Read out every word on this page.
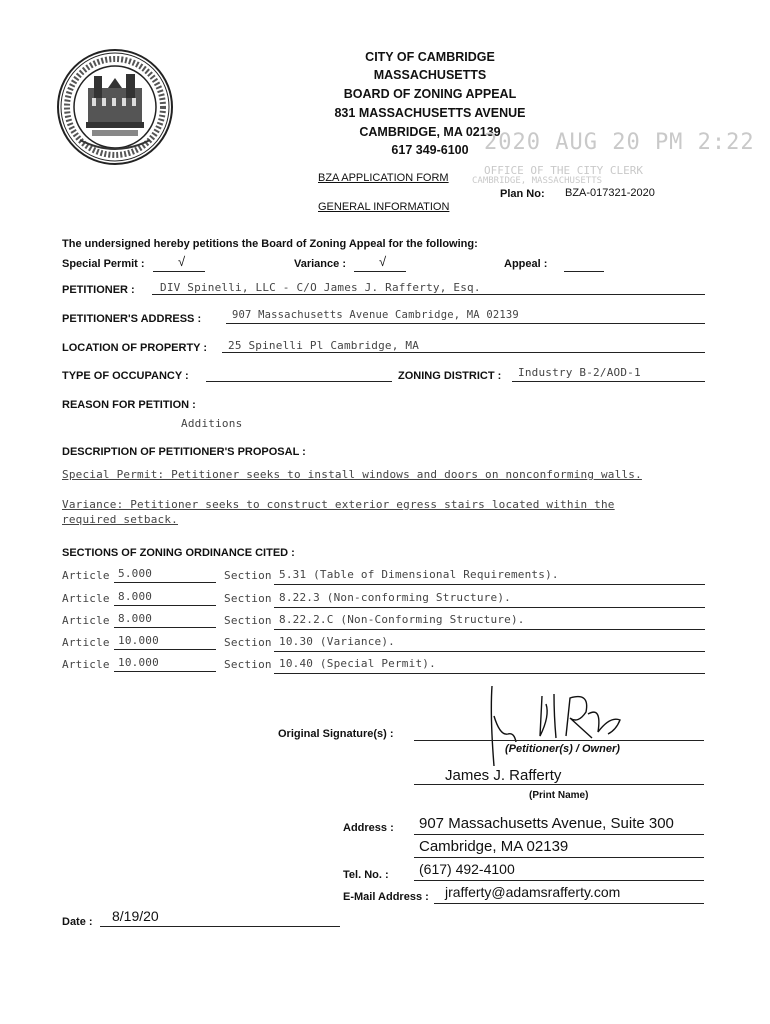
CITY OF CAMBRIDGE
MASSACHUSETTS
BOARD OF ZONING APPEAL
831 MASSACHUSETTS AVENUE
CAMBRIDGE, MA 02139
617 349-6100 2020 AUG 20 PM 2:22
OFFICE OF THE CITY CLERK
CAMBRIDGE, MASSACHUSETTS
BZA APPLICATION FORM
Plan No: BZA-017321-2020
GENERAL INFORMATION
The undersigned hereby petitions the Board of Zoning Appeal for the following:
Special Permit :	√	Variance :	√	Appeal :
PETITIONER : DIV Spinelli, LLC - C/O James J. Rafferty, Esq.
PETITIONER'S ADDRESS :	907 Massachusetts Avenue Cambridge, MA 02139
LOCATION OF PROPERTY : 25 Spinelli Pl Cambridge, MA
TYPE OF OCCUPANCY :	ZONING DISTRICT : Industry B-2/AOD-1
REASON FOR PETITION :
Additions
DESCRIPTION OF PETITIONER'S PROPOSAL :
Special Permit: Petitioner seeks to install windows and doors on nonconforming walls.
Variance: Petitioner seeks to construct exterior egress stairs located within the
required setback.
SECTIONS OF ZONING ORDINANCE CITED :
Article 5.000	Section 5.31 (Table of Dimensional Requirements).
Article 8.000	Section 8.22.3 (Non-conforming Structure).
Article 8.000	Section 8.22.2.C (Non-Conforming Structure).
Article 10.000	Section 10.30 (Variance).
Article 10.000	Section 10.40 (Special Permit).
Original Signature(s) :
(Petitioner(s) / Owner)
James J. Rafferty
(Print Name)
Address : 907 Massachusetts Avenue, Suite 300
Cambridge, MA 02139
Tel. No. : (617) 492-4100
E-Mail Address : jrafferty@adamsrafferty.com
Date : 8/19/20
